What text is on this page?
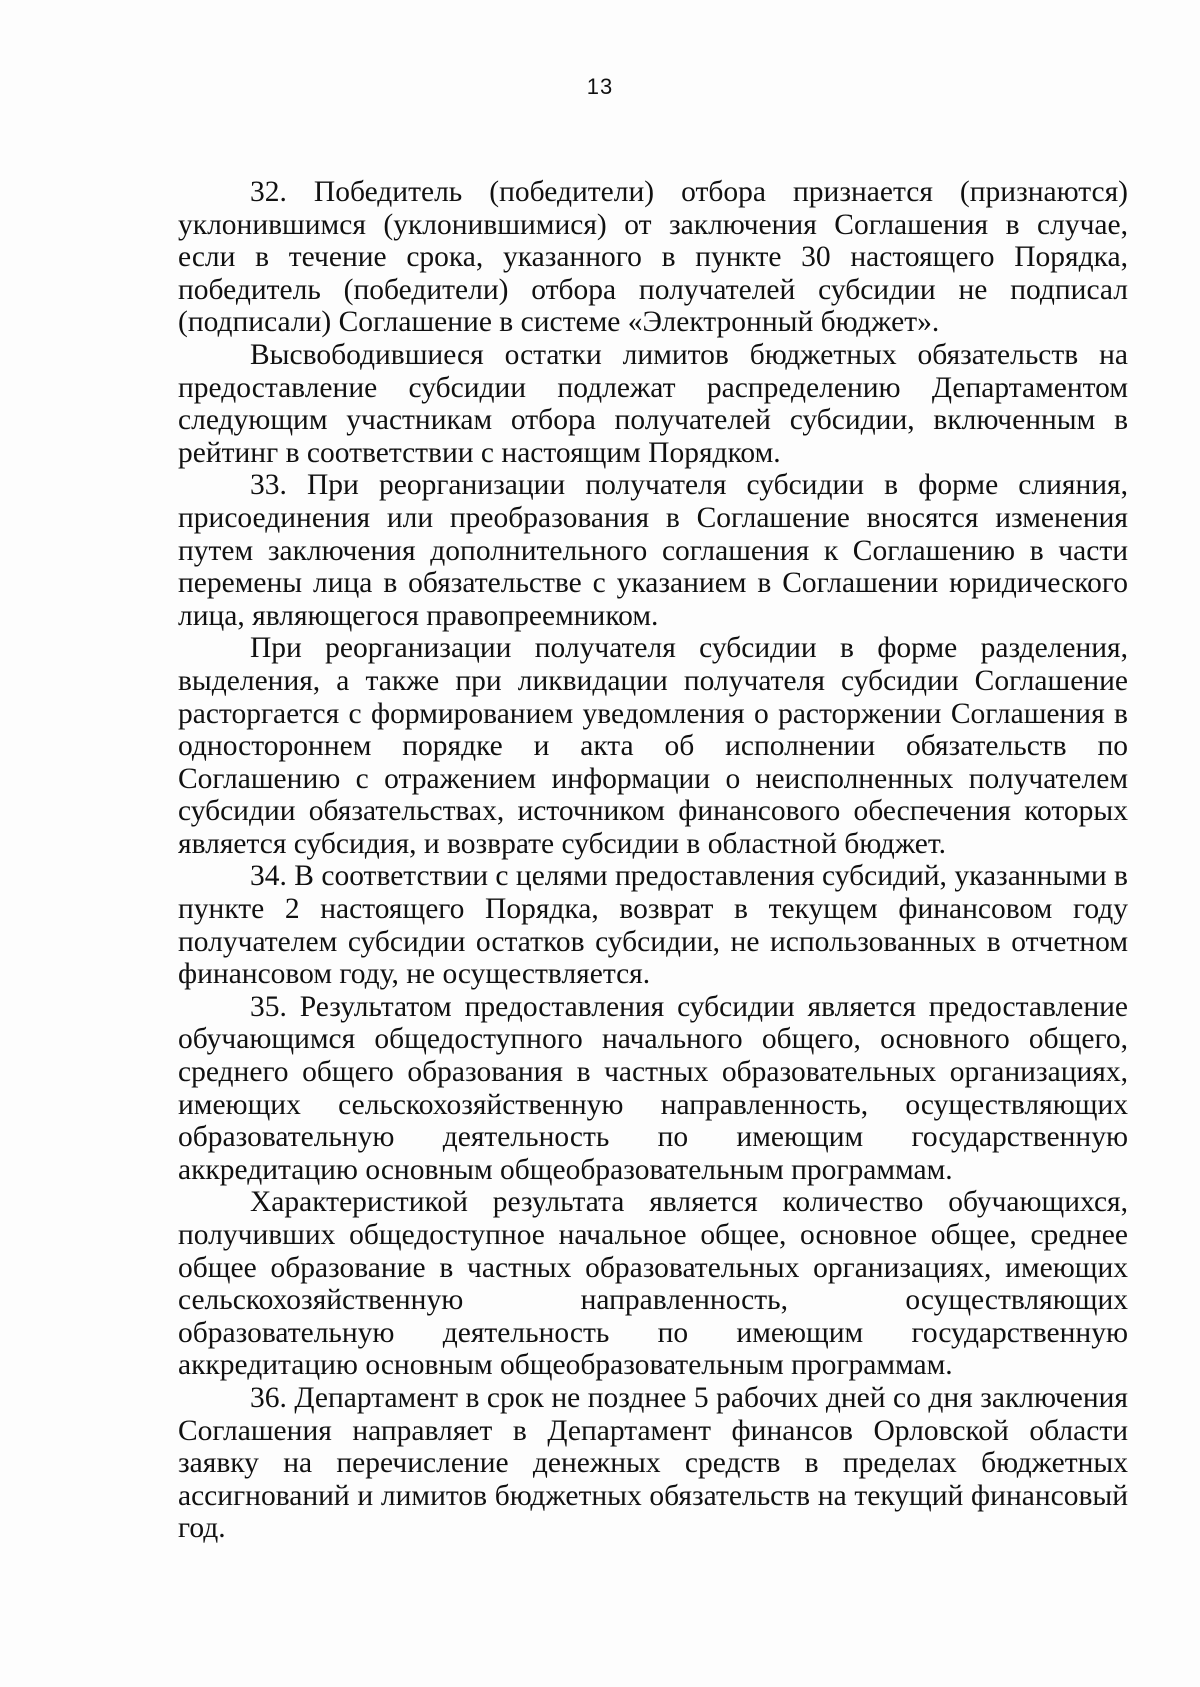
13

32. Победитель (победители) отбора признается (признаются) уклонившимся (уклонившимися) от заключения Соглашения в случае, если в течение срока, указанного в пункте 30 настоящего Порядка, победитель (победители) отбора получателей субсидии не подписал (подписали) Соглашение в системе «Электронный бюджет».

Высвободившиеся остатки лимитов бюджетных обязательств на предоставление субсидии подлежат распределению Департаментом следующим участникам отбора получателей субсидии, включенным в рейтинг в соответствии с настоящим Порядком.

33. При реорганизации получателя субсидии в форме слияния, присоединения или преобразования в Соглашение вносятся изменения путем заключения дополнительного соглашения к Соглашению в части перемены лица в обязательстве с указанием в Соглашении юридического лица, являющегося правопреемником.

При реорганизации получателя субсидии в форме разделения, выделения, а также при ликвидации получателя субсидии Соглашение расторгается с формированием уведомления о расторжении Соглашения в одностороннем порядке и акта об исполнении обязательств по Соглашению с отражением информации о неисполненных получателем субсидии обязательствах, источником финансового обеспечения которых является субсидия, и возврате субсидии в областной бюджет.

34. В соответствии с целями предоставления субсидий, указанными в пункте 2 настоящего Порядка, возврат в текущем финансовом году получателем субсидии остатков субсидии, не использованных в отчетном финансовом году, не осуществляется.

35. Результатом предоставления субсидии является предоставление обучающимся общедоступного начального общего, основного общего, среднего общего образования в частных образовательных организациях, имеющих сельскохозяйственную направленность, осуществляющих образовательную деятельность по имеющим государственную аккредитацию основным общеобразовательным программам.

Характеристикой результата является количество обучающихся, получивших общедоступное начальное общее, основное общее, среднее общее образование в частных образовательных организациях, имеющих сельскохозяйственную направленность, осуществляющих образовательную деятельность по имеющим государственную аккредитацию основным общеобразовательным программам.

36. Департамент в срок не позднее 5 рабочих дней со дня заключения Соглашения направляет в Департамент финансов Орловской области заявку на перечисление денежных средств в пределах бюджетных ассигнований и лимитов бюджетных обязательств на текущий финансовый год.
